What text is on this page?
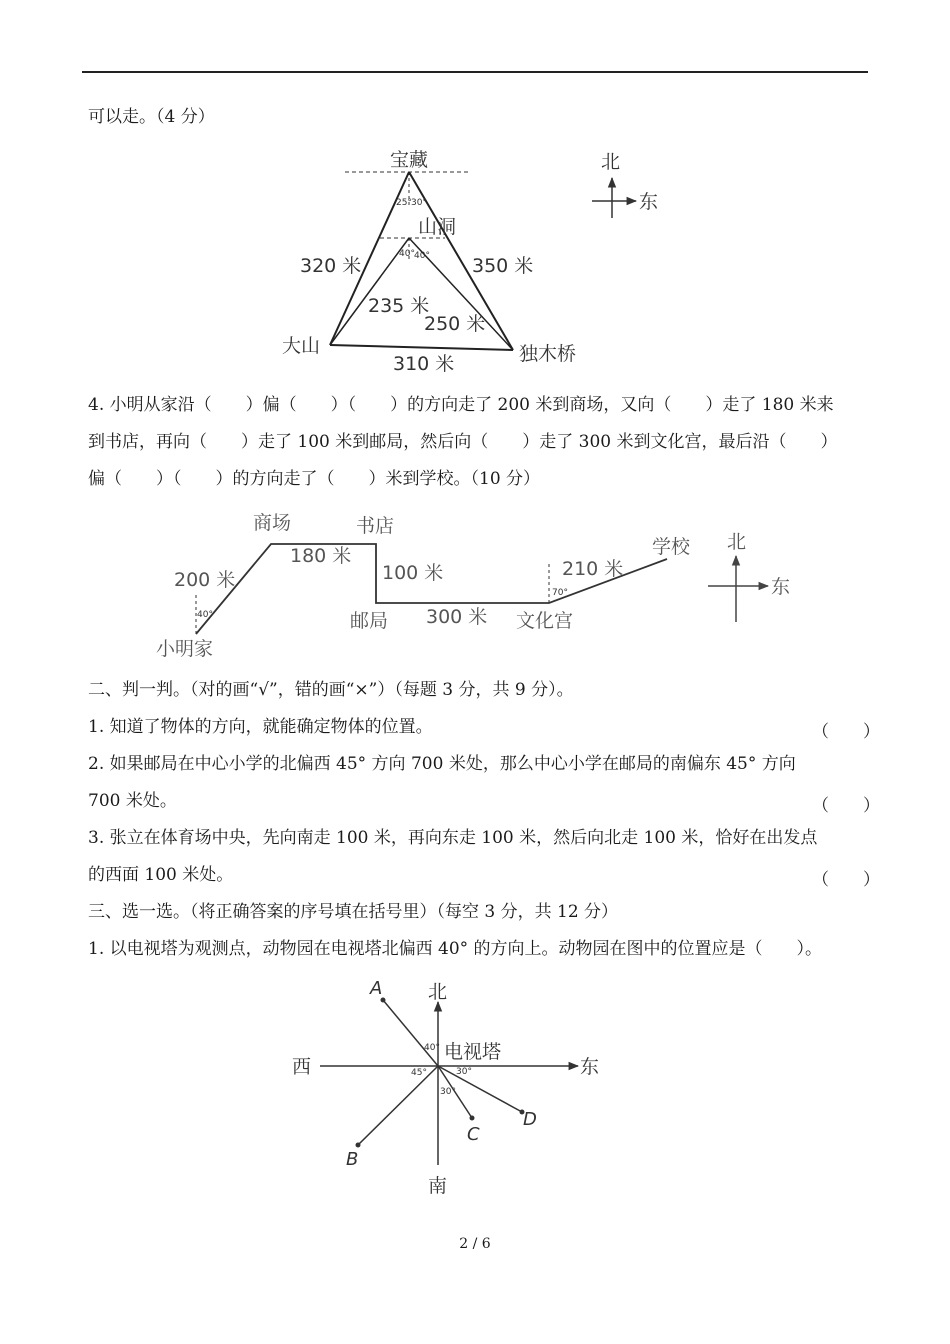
可以走。（4 分）
宝藏
山洞
大山	独木桥
320 米	350 米
235 米
250 米
310 米
25° 30°
40° 40°
北
东
4. 小明从家沿（　　）偏（　　）（　　）的方向走了 200 米到商场，又向（　　）走了 180 米来
到书店，再向（　　）走了 100 米到邮局，然后向（　　）走了 300 米到文化宫，最后沿（　　）
偏（　　）（　　）的方向走了（　　）米到学校。（10 分）
商场	书店
小明家
邮局	文化宫
学校
200 米
180 米
100 米
300 米
210 米
40°
70°
北
东
二、判一判。（对的画“√”，错的画“×”）（每题 3 分，共 9 分）。
1. 知道了物体的方向，就能确定物体的位置。	（　　）
2. 如果邮局在中心小学的北偏西 45° 方向 700 米处，那么中心小学在邮局的南偏东 45° 方向
700 米处。	（　　）
3. 张立在体育场中央，先向南走 100 米，再向东走 100 米，然后向北走 100 米，恰好在出发点
的西面 100 米处。	（　　）
三、选一选。（将正确答案的序号填在括号里）（每空 3 分，共 12 分）
1. 以电视塔为观测点，动物园在电视塔北偏西 40° 的方向上。动物园在图中的位置应是（　　）。
北
南
东
西
电视塔
A
B
C
D
40°
45°
30°
30°
2 / 6
